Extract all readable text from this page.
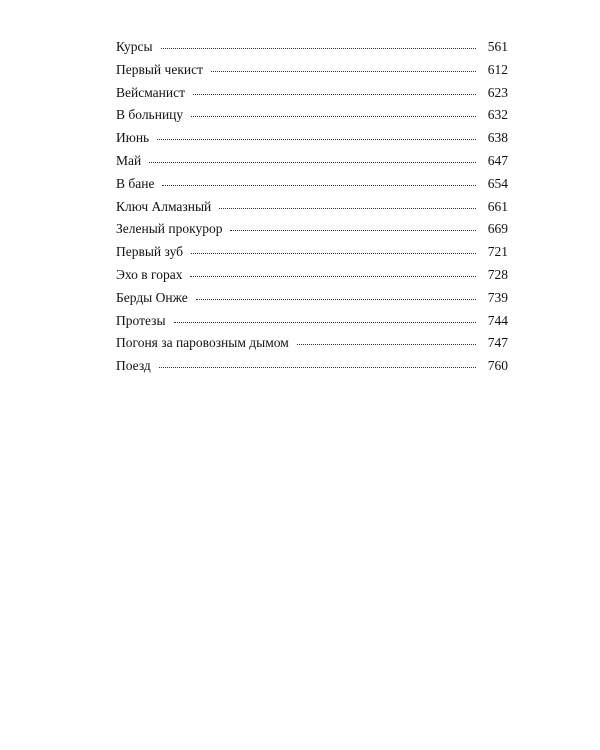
Курсы	561
Первый чекист	612
Вейсманист	623
В больницу	632
Июнь	638
Май	647
В бане	654
Ключ Алмазный	661
Зеленый прокурор	669
Первый зуб	721
Эхо в горах	728
Берды Онже	739
Протезы	744
Погоня за паровозным дымом	747
Поезд	760
